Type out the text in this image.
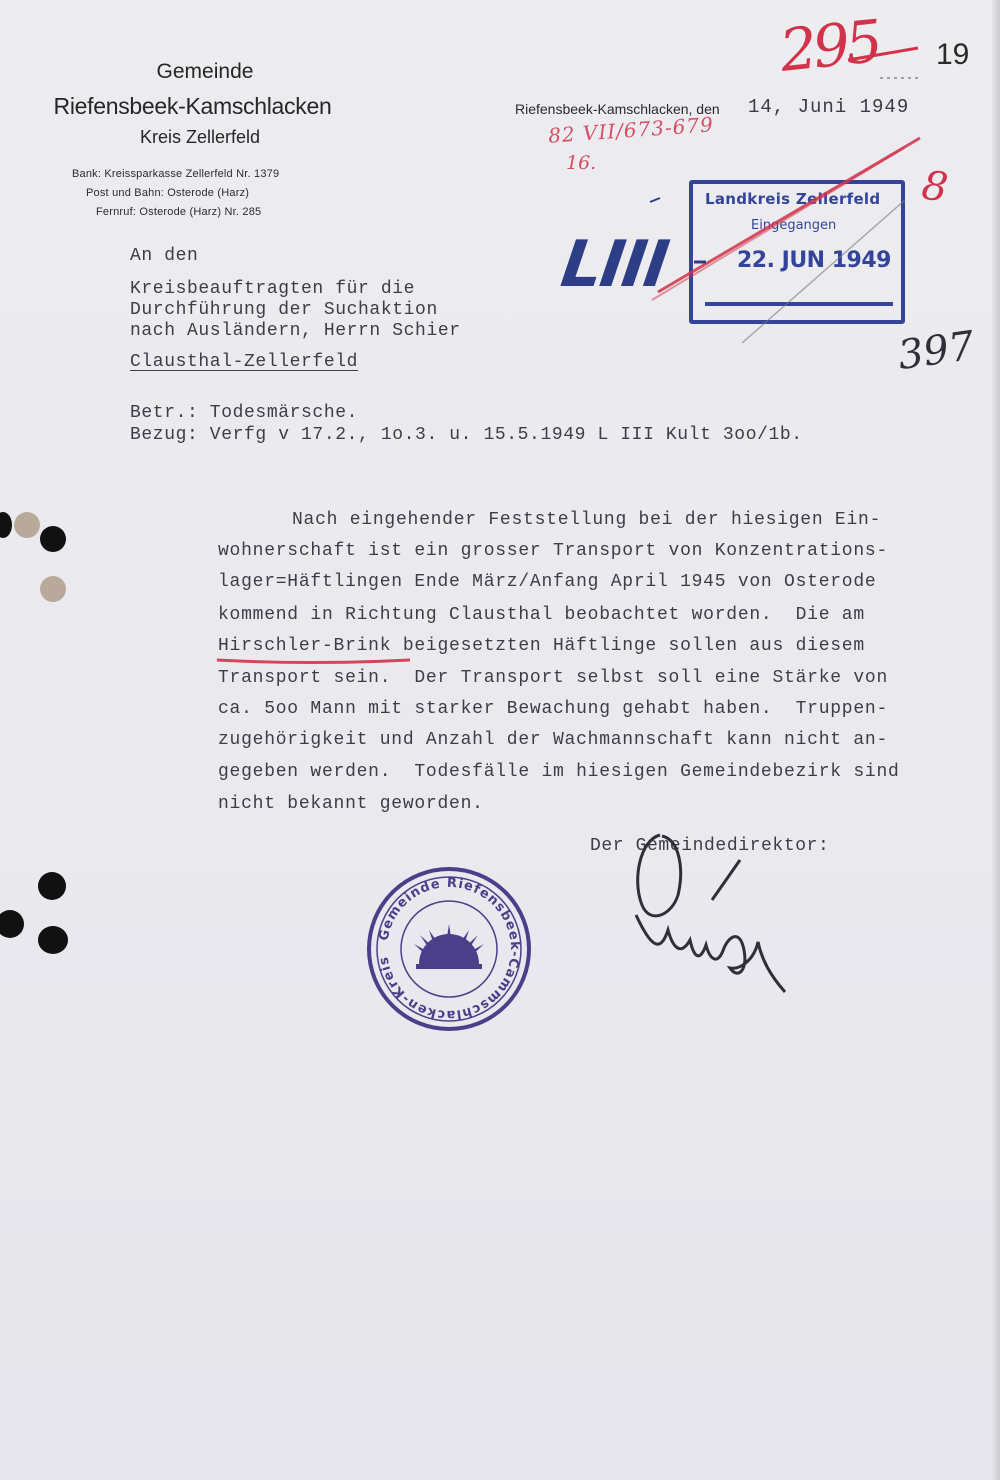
Gemeinde
Riefensbeek-Kamschlacken
Kreis Zellerfeld
Bank: Kreissparkasse Zellerfeld Nr. 1379
Post und Bahn: Osterode (Harz)
Fernruf: Osterode (Harz) Nr. 285
Riefensbeek-Kamschlacken, den 14, Juni 1949
19
295
82 VII/673-679
16.	8
LIII
397
Landkreis Zellerfeld
Eingegangen
22. JUN 1949
An den
Kreisbeauftragten für die
Durchführung der Suchaktion
nach Ausländern, Herrn Schier
Clausthal-Zellerfeld
Betr.: Todesmärsche.
Bezug: Verfg v 17.2., 1o.3. u. 15.5.1949 L III Kult 3oo/1b.
Nach eingehender Feststellung bei der hiesigen Ein-
wohnerschaft ist ein grosser Transport von Konzentrations-
lager=Häftlingen Ende März/Anfang April 1945 von Osterode
kommend in Richtung Clausthal beobachtet worden.  Die am
Hirschler-Brink beigesetzten Häftlinge sollen aus diesem
Transport sein.  Der Transport selbst soll eine Stärke von
ca. 5oo Mann mit starker Bewachung gehabt haben.  Truppen-
zugehörigkeit und Anzahl der Wachmannschaft kann nicht an-
gegeben werden.  Todesfälle im hiesigen Gemeindebezirk sind
nicht bekannt geworden.
Der Gemeindedirektor:
Gemeinde Riefensbeek-Cammschlacken-Kreis Zellerfeld
